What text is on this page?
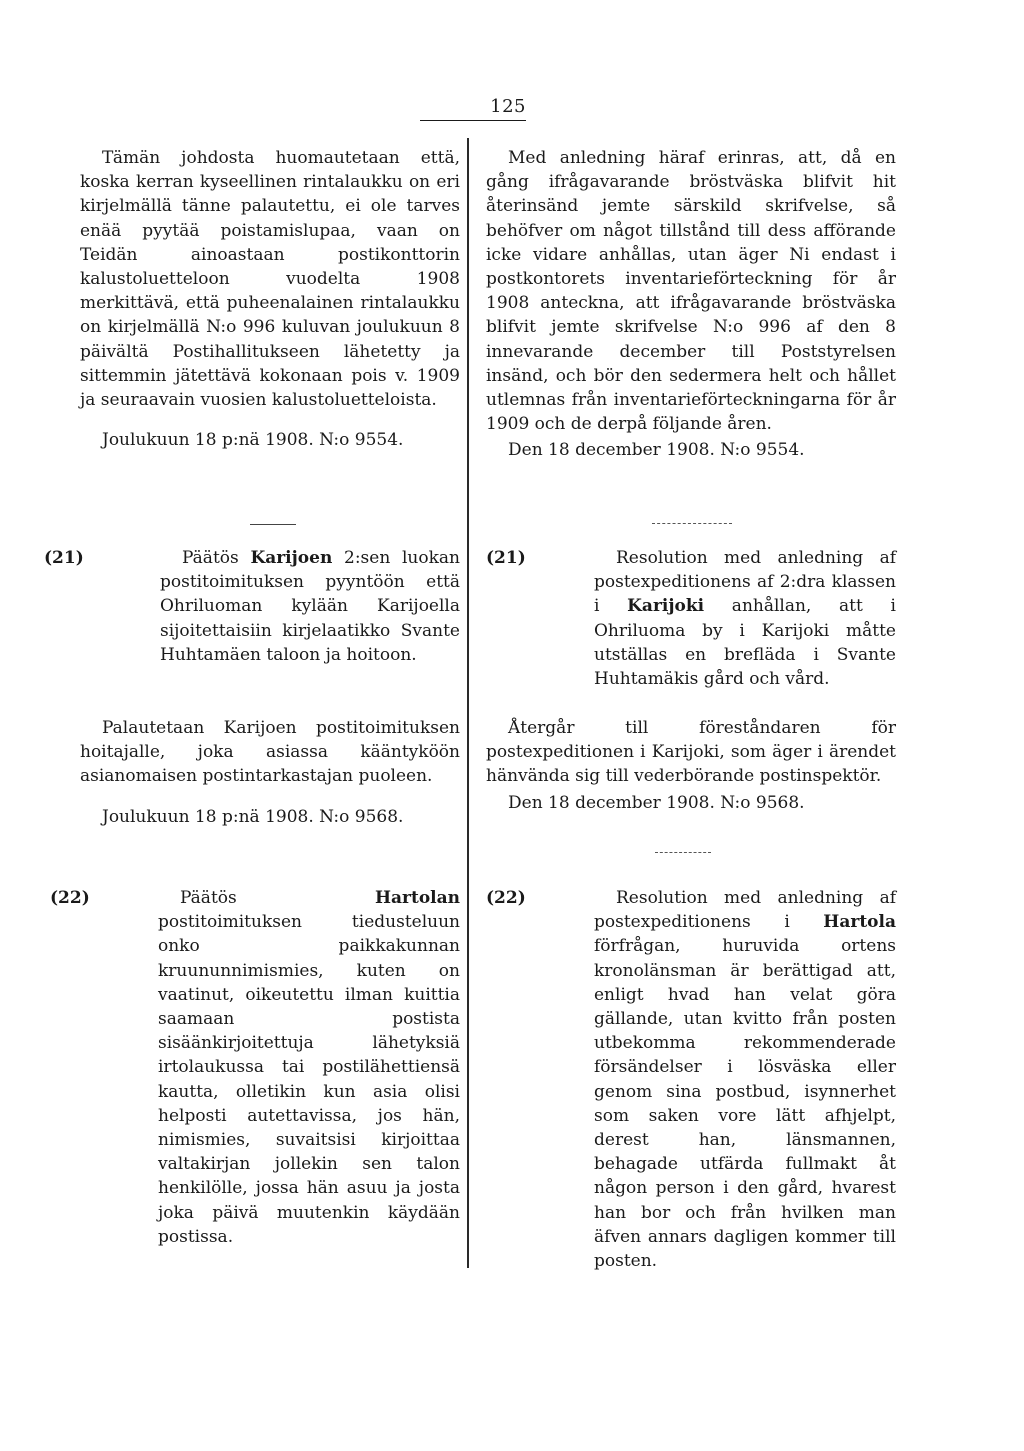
125

Tämän johdosta huomautetaan että, koska kerran kyseellinen rintalaukku on eri kirjelmällä tänne palautettu, ei ole tarves enää pyytää poistamislupaa, vaan on Teidän ainoastaan postikonttorin kalustoluetteloon vuodelta 1908 merkittävä, että puheenalainen rintalaukku on kirjelmällä N:o 996 kuluvan joulukuun 8 päivältä Postihallitukseen lähetetty ja sittemmin jätettävä kokonaan pois v. 1909 ja seuraavain vuosien kalustoluetteloista.

Joulukuun 18 p:nä 1908. N:o 9554.

Med anledning häraf erinras, att, då en gång ifrågavarande bröstväska blifvit hit återinsänd jemte särskild skrifvelse, så behöfver om något tillstånd till dess afförande icke vidare anhållas, utan äger Ni endast i postkontorets inventarieförteckning för år 1908 anteckna, att ifrågavarande bröstväska blifvit jemte skrifvelse N:o 996 af den 8 innevarande december till Poststyrelsen insänd, och bör den sedermera helt och hållet utlemnas från inventarieförteckningarna för år 1909 och de derpå följande åren.

Den 18 december 1908. N:o 9554.

(21)	Päätös Karijoen 2:sen luokan postitoimituksen pyyntöön että Ohriluoman kylään Karijoella sijoitettaisiin kirjelaatikko Svante Huhtamäen taloon ja hoitoon.

Palautetaan Karijoen postitoimituksen hoitajalle, joka asiassa kääntyköön asianomaisen postintarkastajan puoleen.

Joulukuun 18 p:nä 1908. N:o 9568.

(21)	Resolution med anledning af postexpeditionens af 2:dra klassen i Karijoki anhållan, att i Ohriluoma by i Karijoki måtte utställas en brefläda i Svante Huhtamäkis gård och vård.

Återgår till föreståndaren för postexpeditionen i Karijoki, som äger i ärendet hänvända sig till vederbörande postinspektör.

Den 18 december 1908. N:o 9568.

(22)	Päätös Hartolan postitoimituksen tiedusteluun onko paikkakunnan kruununnimismies, kuten on vaatinut, oikeutettu ilman kuittia saamaan postista sisäänkirjoitettuja lähetyksiä irtolaukussa tai postilähettiensä kautta, olletikin kun asia olisi helposti autettavissa, jos hän, nimismies, suvaitsisi kirjoittaa valtakirjan jollekin sen talon henkilölle, jossa hän asuu ja josta joka päivä muutenkin käydään postissa.

(22)	Resolution med anledning af postexpeditionens i Hartola förfrågan, huruvida ortens kronolänsman är berättigad att, enligt hvad han velat göra gällande, utan kvitto från posten utbekomma rekommenderade försändelser i lösväska eller genom sina postbud, isynnerhet som saken vore lätt afhjelpt, derest han, länsmannen, behagade utfärda fullmakt åt någon person i den gård, hvarest han bor och från hvilken man äfven annars dagligen kommer till posten.
